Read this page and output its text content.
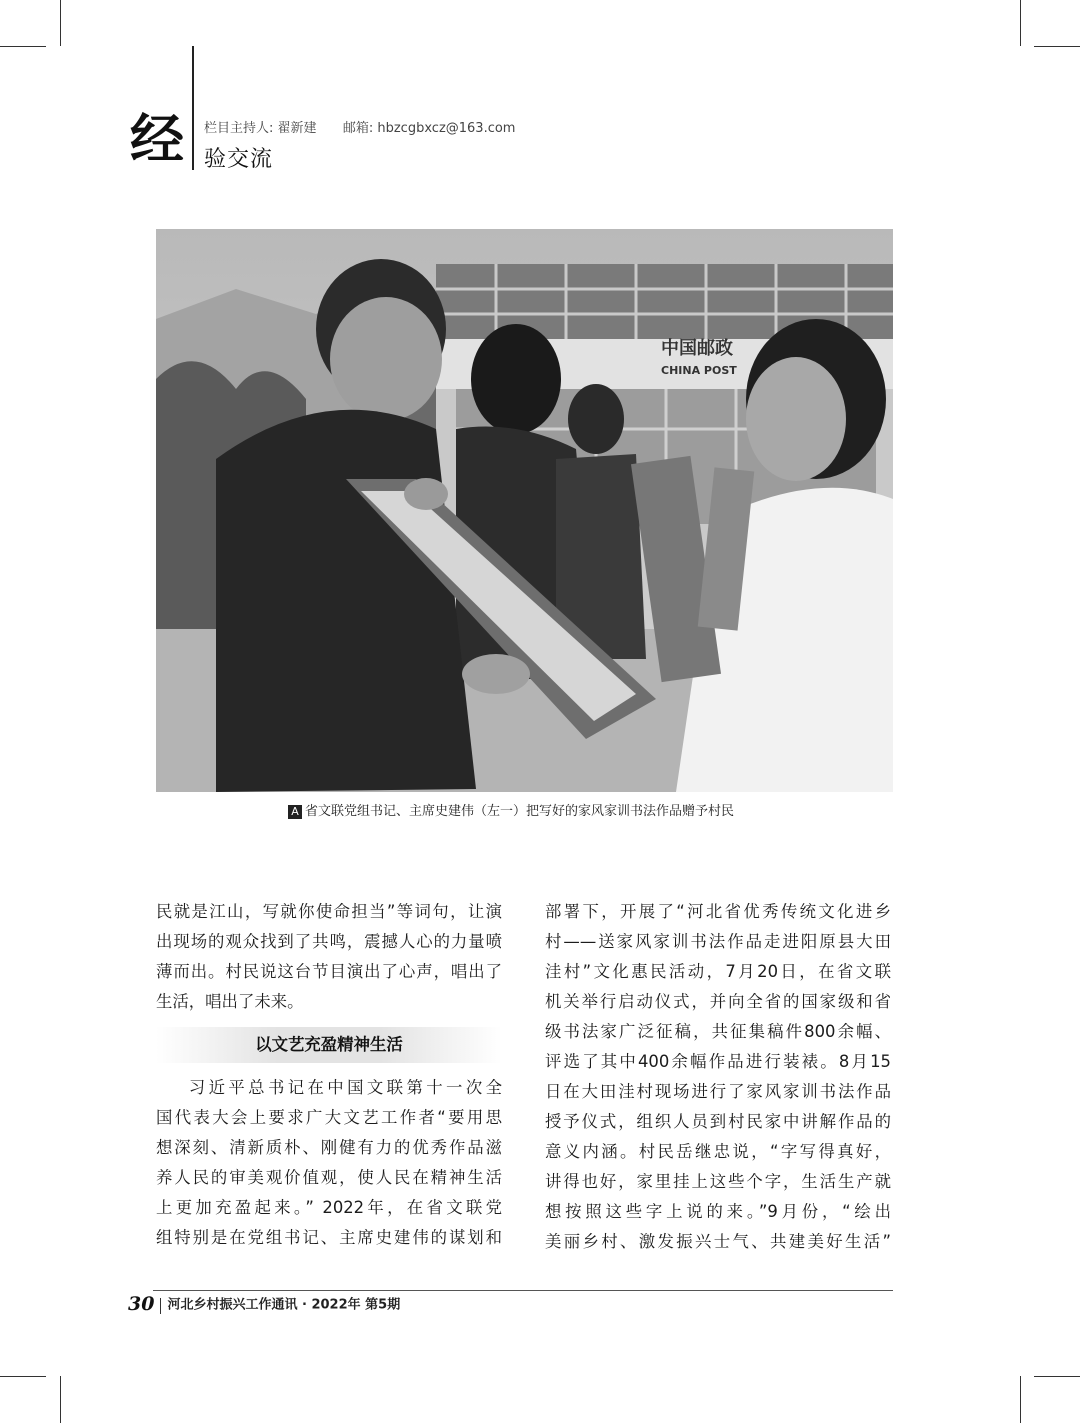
经	栏目主持人: 翟新建 邮箱: hbzcgbxcz@163.com
验交流
中国邮政
CHINA POST
A 省文联党组书记、主席史建伟（左一）把写好的家风家训书法作品赠予村民
民就是江山，写就你使命担当”等词句，让演
出现场的观众找到了共鸣，震撼人心的力量喷
薄而出。村民说这台节目演出了心声，唱出了
生活，唱出了未来。
以文艺充盈精神生活
习近平总书记在中国文联第十一次全
国代表大会上要求广大文艺工作者“要用思
想深刻、清新质朴、刚健有力的优秀作品滋
养人民的审美观价值观，使人民在精神生活
上更加充盈起来。” 2022年，在省文联党
组特别是在党组书记、主席史建伟的谋划和
部署下，开展了“河北省优秀传统文化进乡
村——送家风家训书法作品走进阳原县大田
洼村”文化惠民活动，7月20日，在省文联
机关举行启动仪式，并向全省的国家级和省
级书法家广泛征稿，共征集稿件800余幅、
评选了其中400余幅作品进行装裱。8月15
日在大田洼村现场进行了家风家训书法作品
授予仪式，组织人员到村民家中讲解作品的
意义内涵。村民岳继忠说，“字写得真好，
讲得也好，家里挂上这些个字，生活生产就
想按照这些字上说的来。”9月份，“绘出
美丽乡村、激发振兴士气、共建美好生活”
30 河北乡村振兴工作通讯 · 2022年 第5期
